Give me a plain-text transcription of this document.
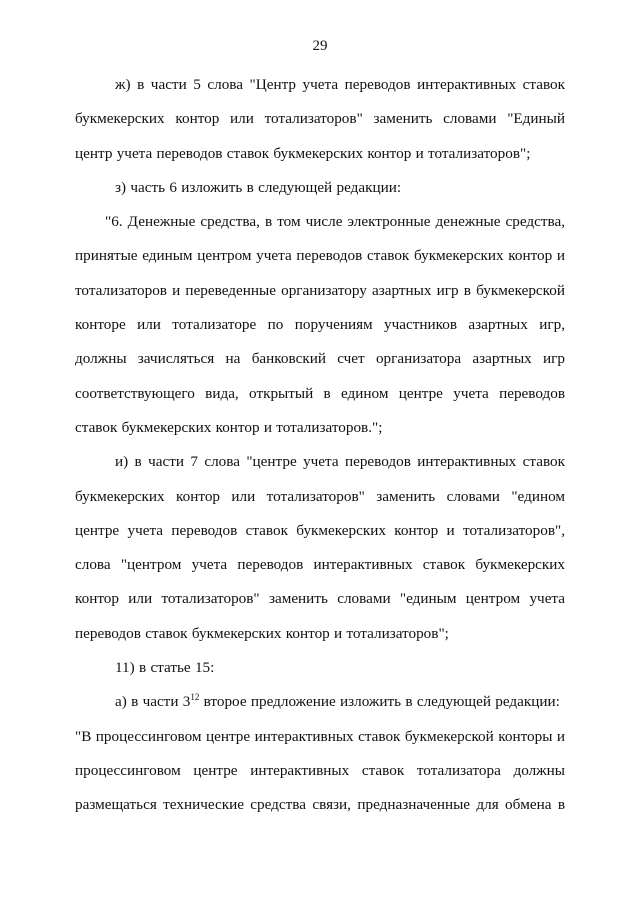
29

ж) в части 5 слова "Центр учета переводов интерактивных ставок букмекерских контор или тотализаторов" заменить словами "Единый центр учета переводов ставок букмекерских контор и тотализаторов";

з) часть 6 изложить в следующей редакции:

"6. Денежные средства, в том числе электронные денежные средства, принятые единым центром учета переводов ставок букмекерских контор и тотализаторов и переведенные организатору азартных игр в букмекерской конторе или тотализаторе по поручениям участников азартных игр, должны зачисляться на банковский счет организатора азартных игр соответствующего вида, открытый в едином центре учета переводов ставок букмекерских контор и тотализаторов.";

и) в части 7 слова "центре учета переводов интерактивных ставок букмекерских контор или тотализаторов" заменить словами "едином центре учета переводов ставок букмекерских контор и тотализаторов", слова "центром учета переводов интерактивных ставок букмекерских контор или тотализаторов" заменить словами "единым центром учета переводов ставок букмекерских контор и тотализаторов";

11) в статье 15:

а) в части $3^{12}$ второе предложение изложить в следующей редакции:

"В процессинговом центре интерактивных ставок букмекерской конторы и процессинговом центре интерактивных ставок тотализатора должны размещаться технические средства связи, предназначенные для обмена в
